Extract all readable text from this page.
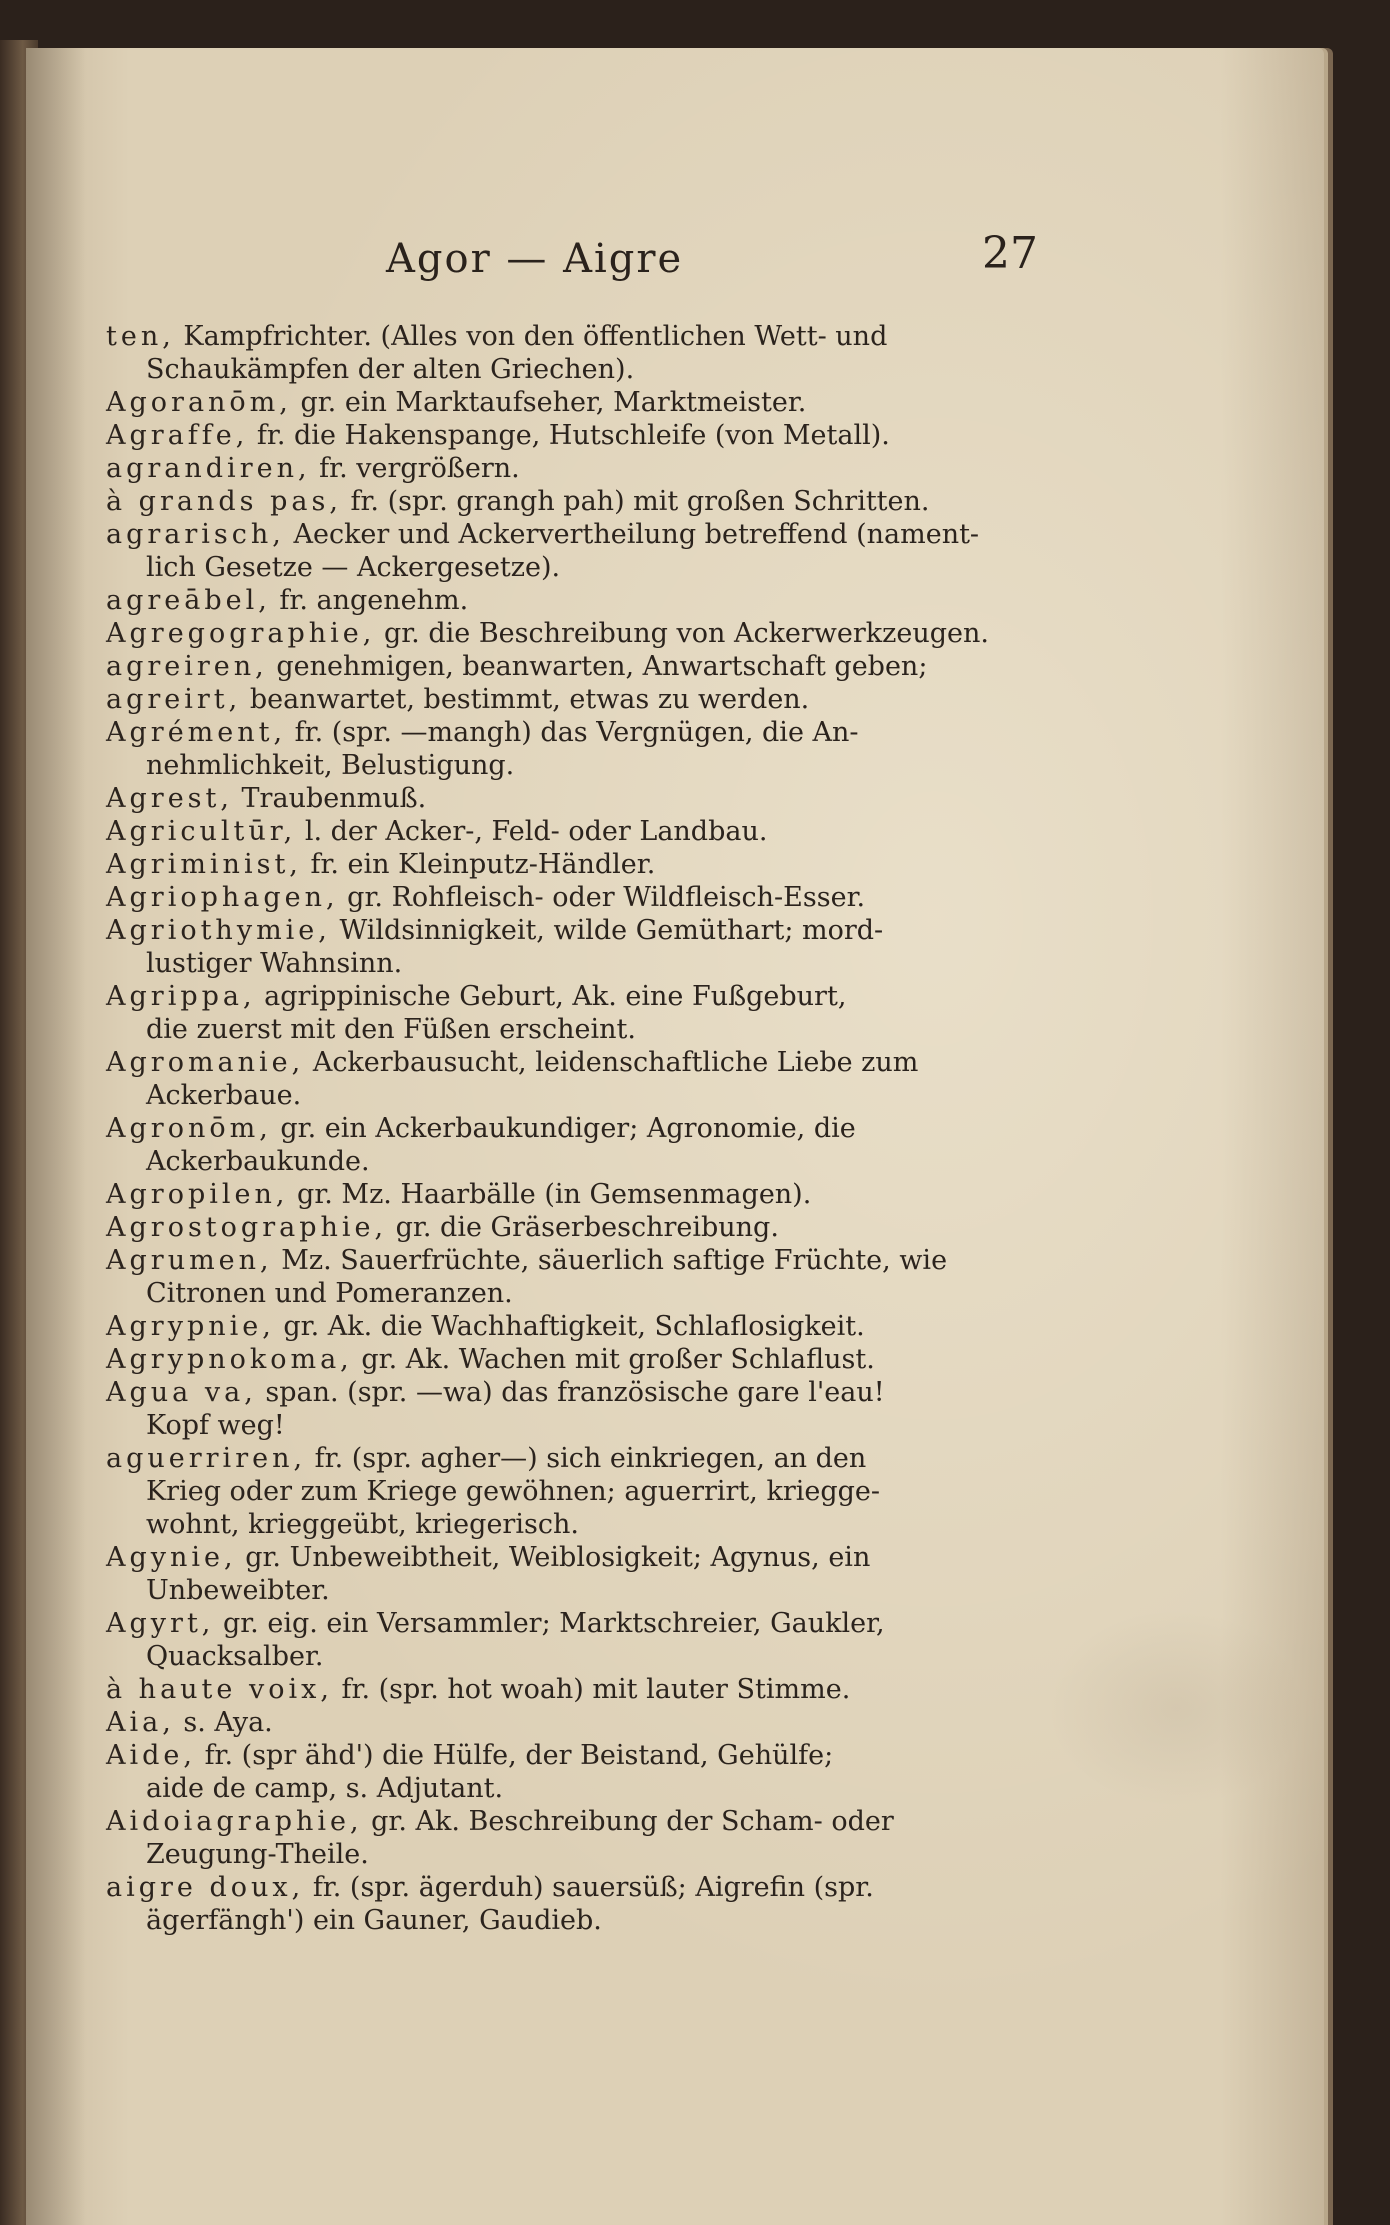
Agor — Aigre	27
ten, Kampfrichter. (Alles von den öffentlichen Wett- und
Schaukämpfen der alten Griechen).
Agoranōm, gr. ein Marktaufseher, Marktmeister.
Agraffe, fr. die Hakenspange, Hutschleife (von Metall).
agrandiren, fr. vergrößern.
à grands pas, fr. (spr. grangh pah) mit großen Schritten.
agrarisch, Aecker und Ackervertheilung betreffend (nament-
lich Gesetze — Ackergesetze).
agreābel, fr. angenehm.
Agregographie, gr. die Beschreibung von Ackerwerkzeugen.
agreiren, genehmigen, beanwarten, Anwartschaft geben;
agreirt, beanwartet, bestimmt, etwas zu werden.
Agrément, fr. (spr. —mangh) das Vergnügen, die An-
nehmlichkeit, Belustigung.
Agrest, Traubenmuß.
Agricultūr, l. der Acker-, Feld- oder Landbau.
Agriminist, fr. ein Kleinputz-Händler.
Agriophagen, gr. Rohfleisch- oder Wildfleisch-Esser.
Agriothymie, Wildsinnigkeit, wilde Gemüthart; mord-
lustiger Wahnsinn.
Agrippa, agrippinische Geburt, Ak. eine Fußgeburt,
die zuerst mit den Füßen erscheint.
Agromanie, Ackerbausucht, leidenschaftliche Liebe zum
Ackerbaue.
Agronōm, gr. ein Ackerbaukundiger; Agronomie, die
Ackerbaukunde.
Agropilen, gr. Mz. Haarbälle (in Gemsenmagen).
Agrostographie, gr. die Gräserbeschreibung.
Agrumen, Mz. Sauerfrüchte, säuerlich saftige Früchte, wie
Citronen und Pomeranzen.
Agrypnie, gr. Ak. die Wachhaftigkeit, Schlaflosigkeit.
Agrypnokoma, gr. Ak. Wachen mit großer Schlaflust.
Agua va, span. (spr. —wa) das französische gare l'eau!
Kopf weg!
aguerriren, fr. (spr. agher—) sich einkriegen, an den
Krieg oder zum Kriege gewöhnen; aguerrirt, kriegge-
wohnt, krieggeübt, kriegerisch.
Agynie, gr. Unbeweibtheit, Weiblosigkeit; Agynus, ein
Unbeweibter.
Agyrt, gr. eig. ein Versammler; Marktschreier, Gaukler,
Quacksalber.
à haute voix, fr. (spr. hot woah) mit lauter Stimme.
Aia, s. Aya.
Aide, fr. (spr ähd') die Hülfe, der Beistand, Gehülfe;
aide de camp, s. Adjutant.
Aidoiagraphie, gr. Ak. Beschreibung der Scham- oder
Zeugung-Theile.
aigre doux, fr. (spr. ägerduh) sauersüß; Aigrefin (spr.
ägerfängh') ein Gauner, Gaudieb.
